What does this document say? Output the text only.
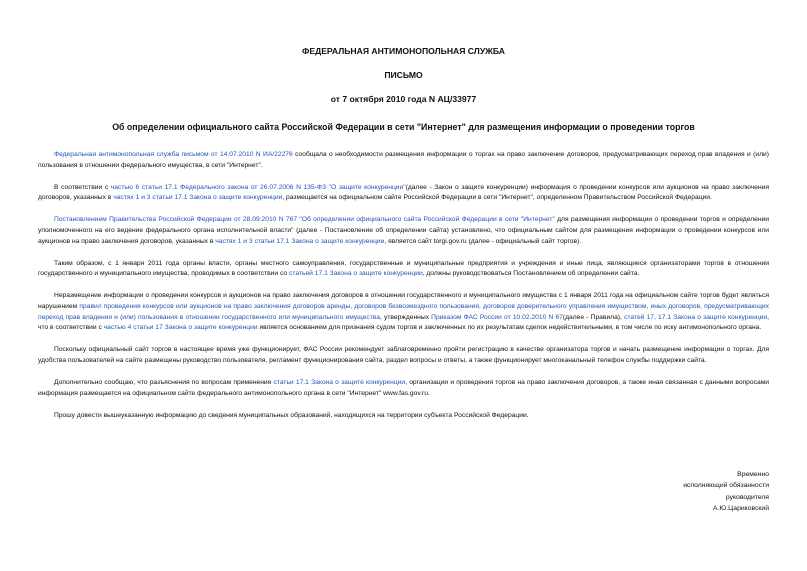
ФЕДЕРАЛЬНАЯ АНТИМОНОПОЛЬНАЯ СЛУЖБА
ПИСЬМО
от 7 октября 2010 года N АЦ/33977
Об определении официального сайта Российской Федерации в сети "Интернет" для размещения информации о проведении торгов

Федеральная антимонопольная служба письмом от 14.07.2010 N ИА/22276 сообщала о необходимости размещения информации о торгах на право заключение договоров, предусматривающих переход прав владения и (или) пользования в отношении федерального имущества, в сети "Интернет".

В соответствии с частью 6 статьи 17.1 Федерального закона от 26.07.2006 N 135-ФЗ "О защите конкуренции"(далее - Закон о защите конкуренции) информация о проведении конкурсов или аукционов на право заключения договоров, указанных в частях 1 и 3 статьи 17.1 Закона о защите конкуренции, размещается на официальном сайте Российской Федерации в сети "Интернет", определенном Правительством Российской Федерации.

Постановлением Правительства Российской Федерации от 28.09.2010 N 767 "Об определении официального сайта Российской Федерации в сети "Интернет" для размещения информации о проведении торгов и определении уполномоченного на его ведение федерального органа исполнительной власти" (далее - Постановление об определении сайта) установлено, что официальным сайтом для размещения информации о проведении конкурсов или аукционов на право заключения договоров, указанных в частях 1 и 3 статьи 17.1 Закона о защите конкуренции, является сайт torgi.gov.ru (далее - официальный сайт торгов).

Таким образом, с 1 января 2011 года органы власти, органы местного самоуправления, государственные и муниципальные предприятия и учреждения и иные лица, являющиеся организаторами торгов в отношении государственного и муниципального имущества, проводимых в соответствии со статьей 17.1 Закона о защите конкуренции, должны руководствоваться Постановлением об определении сайта.

Неразмещение информации о проведении конкурсов и аукционов на право заключения договоров в отношении государственного и муниципального имущества с 1 января 2011 года на официальном сайте торгов будет являться нарушением правил проведения конкурсов или аукционов на право заключения договоров аренды, договоров безвозмездного пользования, договоров доверительного управления имуществом, иных договоров, предусматривающих переход прав владения и (или) пользования в отношении государственного или муниципального имущества, утвержденных Приказом ФАС России от 10.02.2010 N 67(далее - Правила), статей 17, 17.1 Закона о защите конкуренции, что в соответствии с частью 4 статьи 17 Закона о защите конкуренции является основанием для признания судом торгов и заключенных по их результатам сделок недействительными, в том числе по иску антимонопольного органа.

Поскольку официальный сайт торгов в настоящее время уже функционирует, ФАС России рекомендует заблаговременно пройти регистрацию в качестве организатора торгов и начать размещение информации о торгах. Для удобства пользователей на сайте размещены руководство пользователя, регламент функционирования сайта, раздел вопросы и ответы, а также функционирует многоканальный телефон службы поддержки сайта.

Дополнительно сообщаю, что разъяснения по вопросам применения статьи 17.1 Закона о защите конкуренции, организации и проведения торгов на право заключения договоров, а также иная связанная с данными вопросами информация размещается на официальном сайте федерального антимонопольного органа в сети "Интернет" www.fas.gov.ru.

Прошу довести вышеуказанную информацию до сведения муниципальных образований, находящихся на территории субъекта Российской Федерации.

Временно
исполняющий обязанности
руководителя
А.Ю.Цариковский
